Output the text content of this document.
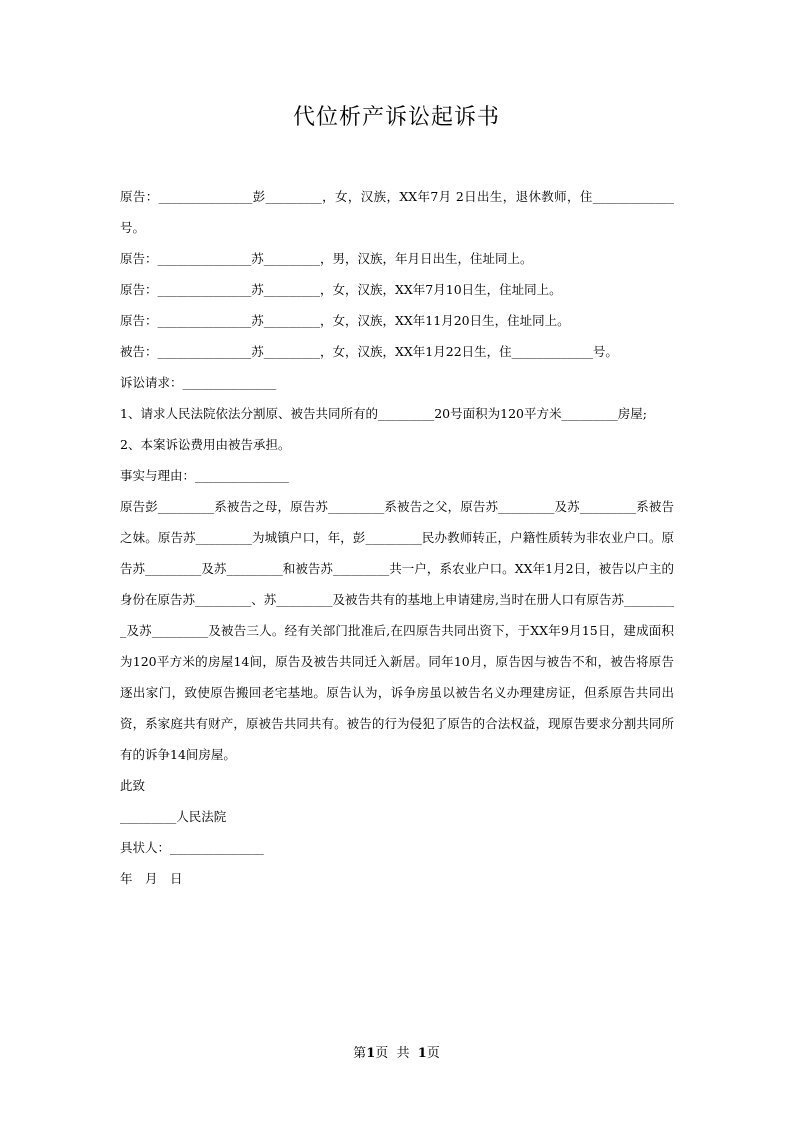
代位析产诉讼起诉书

原告：_______________彭_________，女，汉族，XX年7月 2日出生，退休教师，住_____________号。

原告：_______________苏_________，男，汉族，年月日出生，住址同上。

原告：_______________苏_________，女，汉族，XX年7月10日生，住址同上。

原告：_______________苏_________，女，汉族，XX年11月20日生，住址同上。

被告：_______________苏_________，女，汉族，XX年1月22日生，住_____________号。

诉讼请求：_______________

1、请求人民法院依法分割原、被告共同所有的_________20号面积为120平方米_________房屋;

2、本案诉讼费用由被告承担。

事实与理由：_______________

原告彭_________系被告之母，原告苏_________系被告之父，原告苏_________及苏_________系被告之妹。原告苏_________为城镇户口，年，彭_________民办教师转正，户籍性质转为非农业户口。原告苏_________及苏_________和被告苏_________共一户，系农业户口。XX年1月2日，被告以户主的身份在原告苏_________、苏_________及被告共有的基地上申请建房,当时在册人口有原告苏_________及苏_________及被告三人。经有关部门批准后,在四原告共同出资下，于XX年9月15日，建成面积为120平方米的房屋14间，原告及被告共同迁入新居。同年10月，原告因与被告不和，被告将原告逐出家门，致使原告搬回老宅基地。原告认为，诉争房虽以被告名义办理建房证，但系原告共同出资，系家庭共有财产，原被告共同共有。被告的行为侵犯了原告的合法权益，现原告要求分割共同所有的诉争14间房屋。

此致

_________人民法院

具状人：_______________

年　月　日

第1页  共  1页
